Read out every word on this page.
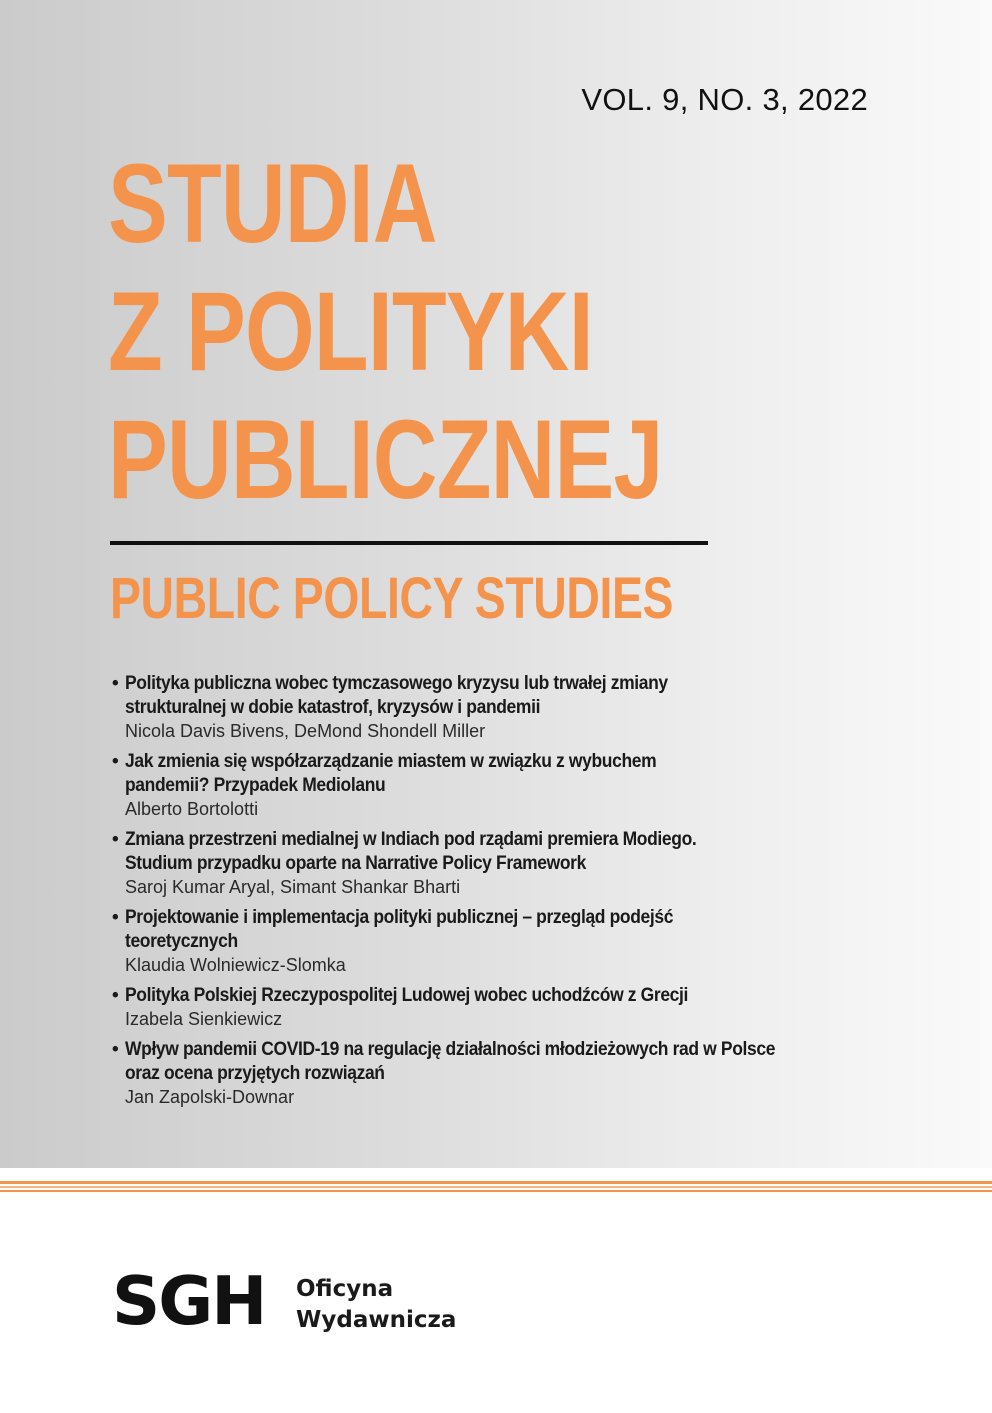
VOL. 9, NO. 3, 2022
STUDIA
Z POLITYKI
PUBLICZNEJ
PUBLIC POLICY STUDIES
• Polityka publiczna wobec tymczasowego kryzysu lub trwałej zmiany
strukturalnej w dobie katastrof, kryzysów i pandemii
Nicola Davis Bivens, DeMond Shondell Miller
• Jak zmienia się współzarządzanie miastem w związku z wybuchem
pandemii? Przypadek Mediolanu
Alberto Bortolotti
• Zmiana przestrzeni medialnej w Indiach pod rządami premiera Modiego.
Studium przypadku oparte na Narrative Policy Framework
Saroj Kumar Aryal, Simant Shankar Bharti
• Projektowanie i implementacja polityki publicznej – przegląd podejść
teoretycznych
Klaudia Wolniewicz-Slomka
• Polityka Polskiej Rzeczypospolitej Ludowej wobec uchodźców z Grecji
Izabela Sienkiewicz
• Wpływ pandemii COVID-19 na regulację działalności młodzieżowych rad w Polsce
oraz ocena przyjętych rozwiązań
Jan Zapolski-Downar
SGH Oficyna
Wydawnicza
